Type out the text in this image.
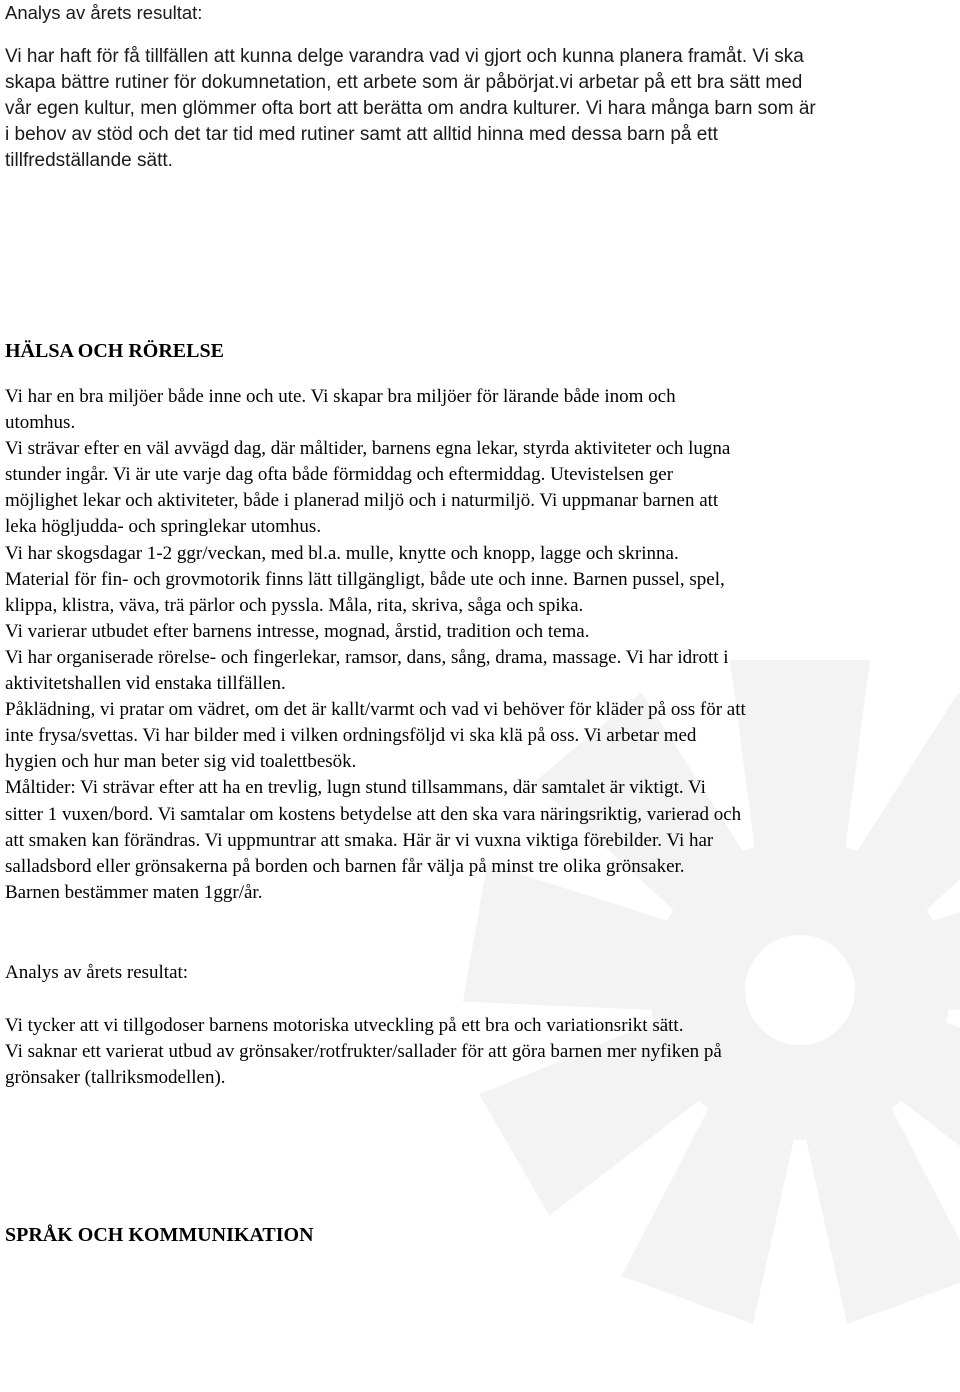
Analys av årets resultat:

Vi har haft för få tillfällen att kunna delge varandra vad vi gjort och kunna planera framåt. Vi ska

skapa bättre rutiner för dokumnetation, ett arbete som är påbörjat.vi arbetar på ett bra sätt med

vår egen kultur, men glömmer ofta bort att berätta om andra kulturer. Vi hara många barn som är

i behov av stöd och det tar tid med rutiner samt att alltid hinna med dessa barn på ett

tillfredställande sätt.

HÄLSA OCH RÖRELSE

Vi har en bra miljöer både inne och ute. Vi skapar bra miljöer för lärande både inom och

utomhus.

Vi strävar efter en väl avvägd dag, där måltider, barnens egna lekar, styrda aktiviteter och lugna

stunder ingår. Vi är ute varje dag ofta både förmiddag och eftermiddag. Utevistelsen ger

möjlighet lekar och aktiviteter, både i planerad miljö och i naturmiljö. Vi uppmanar barnen att

leka högljudda- och springlekar utomhus.

Vi har skogsdagar 1-2 ggr/veckan, med bl.a. mulle, knytte och knopp, lagge och skrinna.

Material för fin- och grovmotorik finns lätt tillgängligt, både ute och inne. Barnen pussel, spel,

klippa, klistra, väva, trä pärlor och pyssla. Måla, rita, skriva, såga och spika.

Vi varierar utbudet efter barnens intresse, mognad, årstid, tradition och tema.

Vi har organiserade rörelse- och fingerlekar, ramsor, dans, sång, drama, massage. Vi har idrott i

aktivitetshallen vid enstaka tillfällen.

Påklädning, vi pratar om vädret, om det är kallt/varmt och vad vi behöver för kläder på oss för att

inte frysa/svettas. Vi har bilder med i vilken ordningsföljd vi ska klä på oss. Vi arbetar med

hygien och hur man beter sig vid toalettbesök.

Måltider: Vi strävar efter att ha en trevlig, lugn stund tillsammans, där samtalet är viktigt. Vi

sitter 1 vuxen/bord. Vi samtalar om kostens betydelse att den ska vara näringsriktig, varierad och

att smaken kan förändras. Vi uppmuntrar att smaka. Här är vi vuxna viktiga förebilder. Vi har

salladsbord eller grönsakerna på borden och barnen får välja på minst tre olika grönsaker.

Barnen bestämmer maten 1ggr/år.

Analys av årets resultat:

Vi tycker att vi tillgodoser barnens motoriska utveckling på ett bra och variationsrikt sätt.

Vi saknar ett varierat utbud av grönsaker/rotfrukter/sallader för att göra barnen mer nyfiken på

grönsaker (tallriksmodellen).

SPRÅK OCH KOMMUNIKATION
